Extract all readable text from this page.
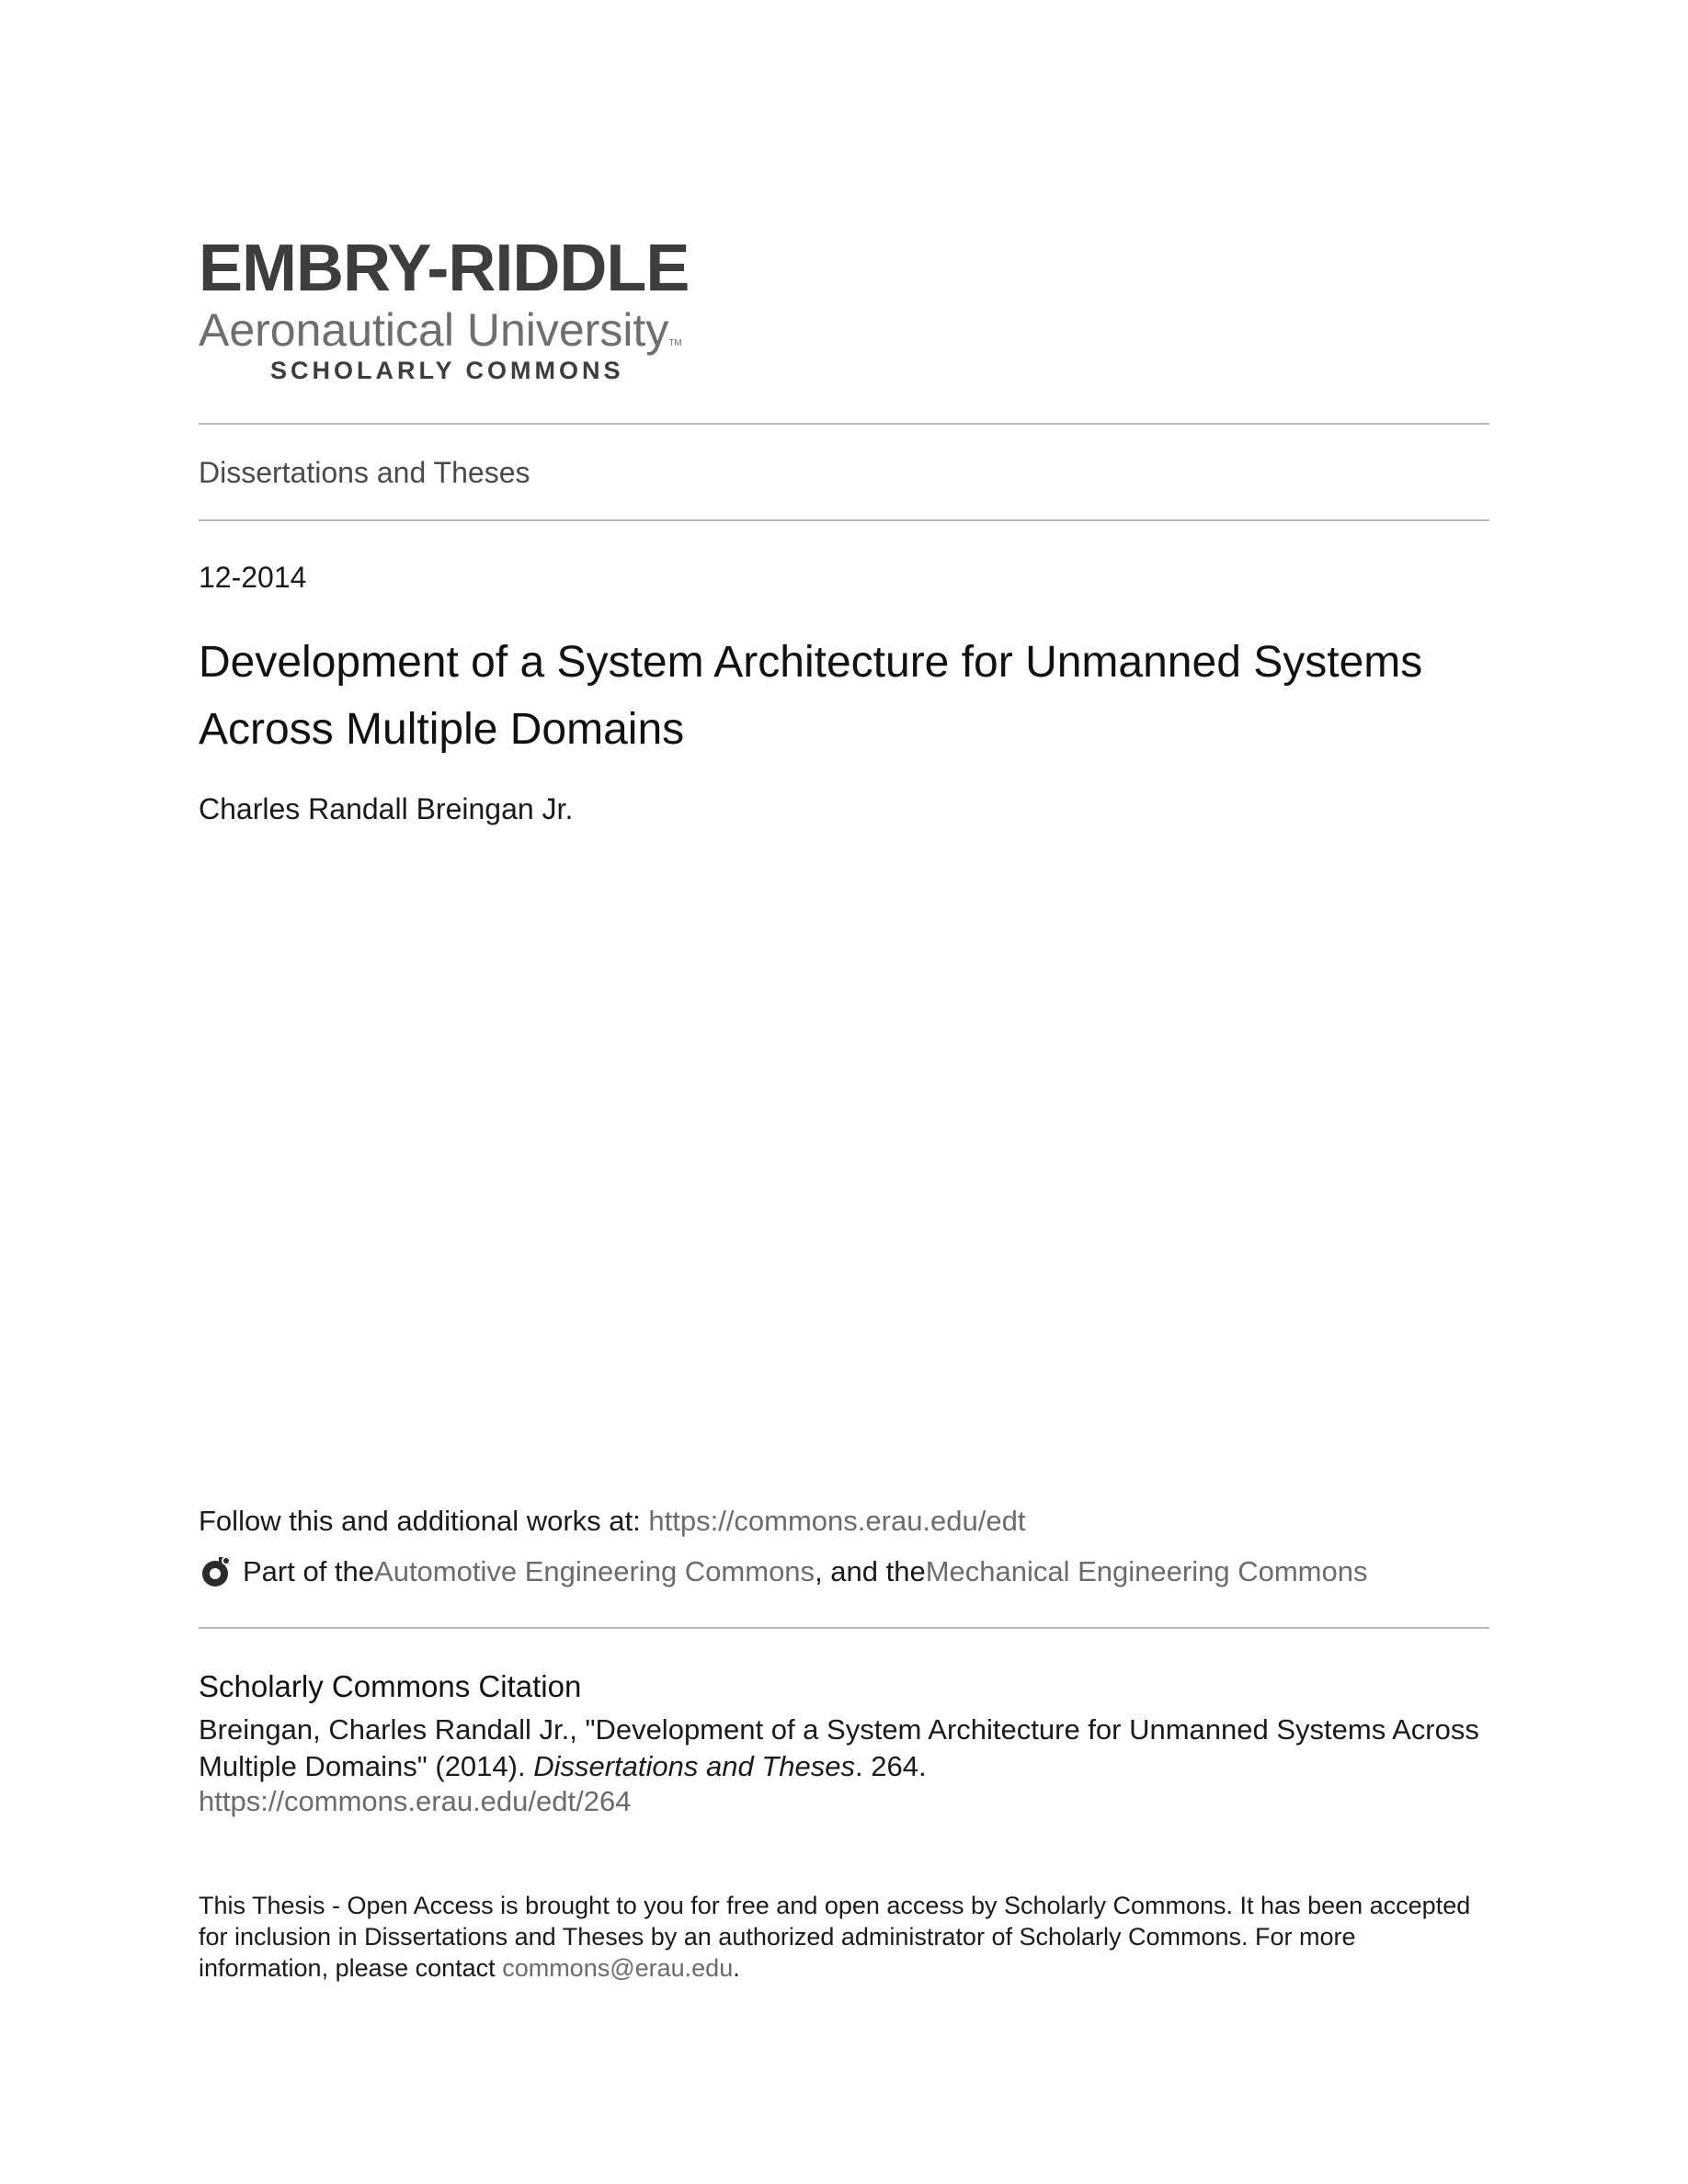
EMBRY-RIDDLE
Aeronautical UniversityTM
SCHOLARLY COMMONS
Dissertations and Theses
12-2014
Development of a System Architecture for Unmanned Systems
Across Multiple Domains
Charles Randall Breingan Jr.
Follow this and additional works at: https://commons.erau.edu/edt
Part of the Automotive Engineering Commons , and the Mechanical Engineering Commons
Scholarly Commons Citation
Breingan, Charles Randall Jr., "Development of a System Architecture for Unmanned Systems Across
Multiple Domains" (2014). Dissertations and Theses. 264.
https://commons.erau.edu/edt/264
This Thesis - Open Access is brought to you for free and open access by Scholarly Commons. It has been accepted
for inclusion in Dissertations and Theses by an authorized administrator of Scholarly Commons. For more
information, please contact commons@erau.edu.
